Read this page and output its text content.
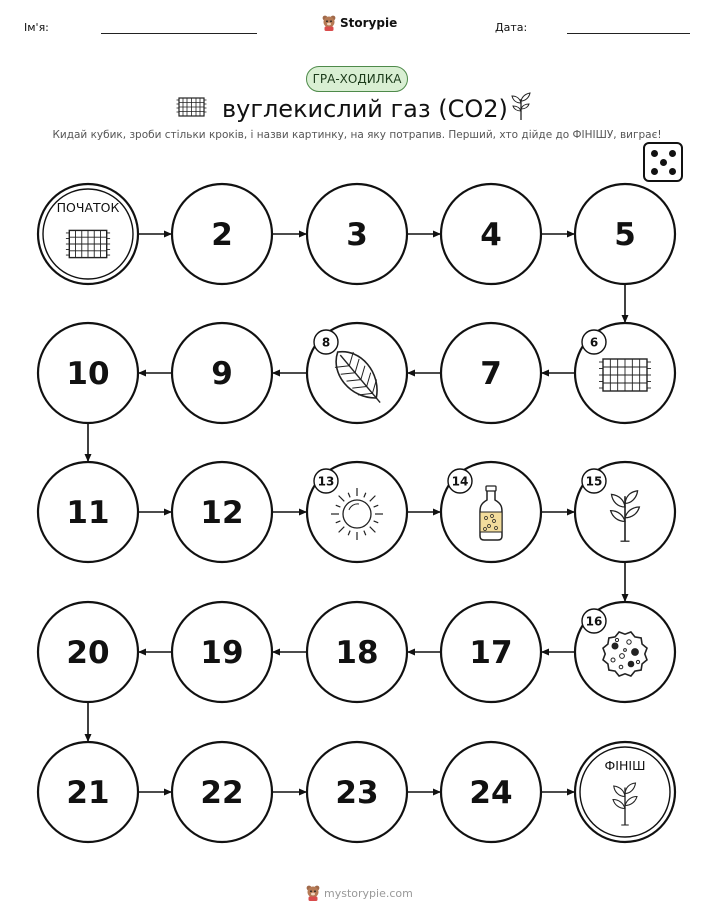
Ім'я:	Storypie	Дата:
ГРА-ХОДИЛКА
вуглекислий газ (CO2)
Кидай кубик, зроби стільки кроків, і назви картинку, на яку потрапив. Перший, хто дійде до ФІНІШУ, виграє!
ПОЧАТОК
2	3	4	5
6
7
8
9
10
11	12
13	14	15
16
17
18
19
20
21	22	23	24
ФІНІШ
mystorypie.com
